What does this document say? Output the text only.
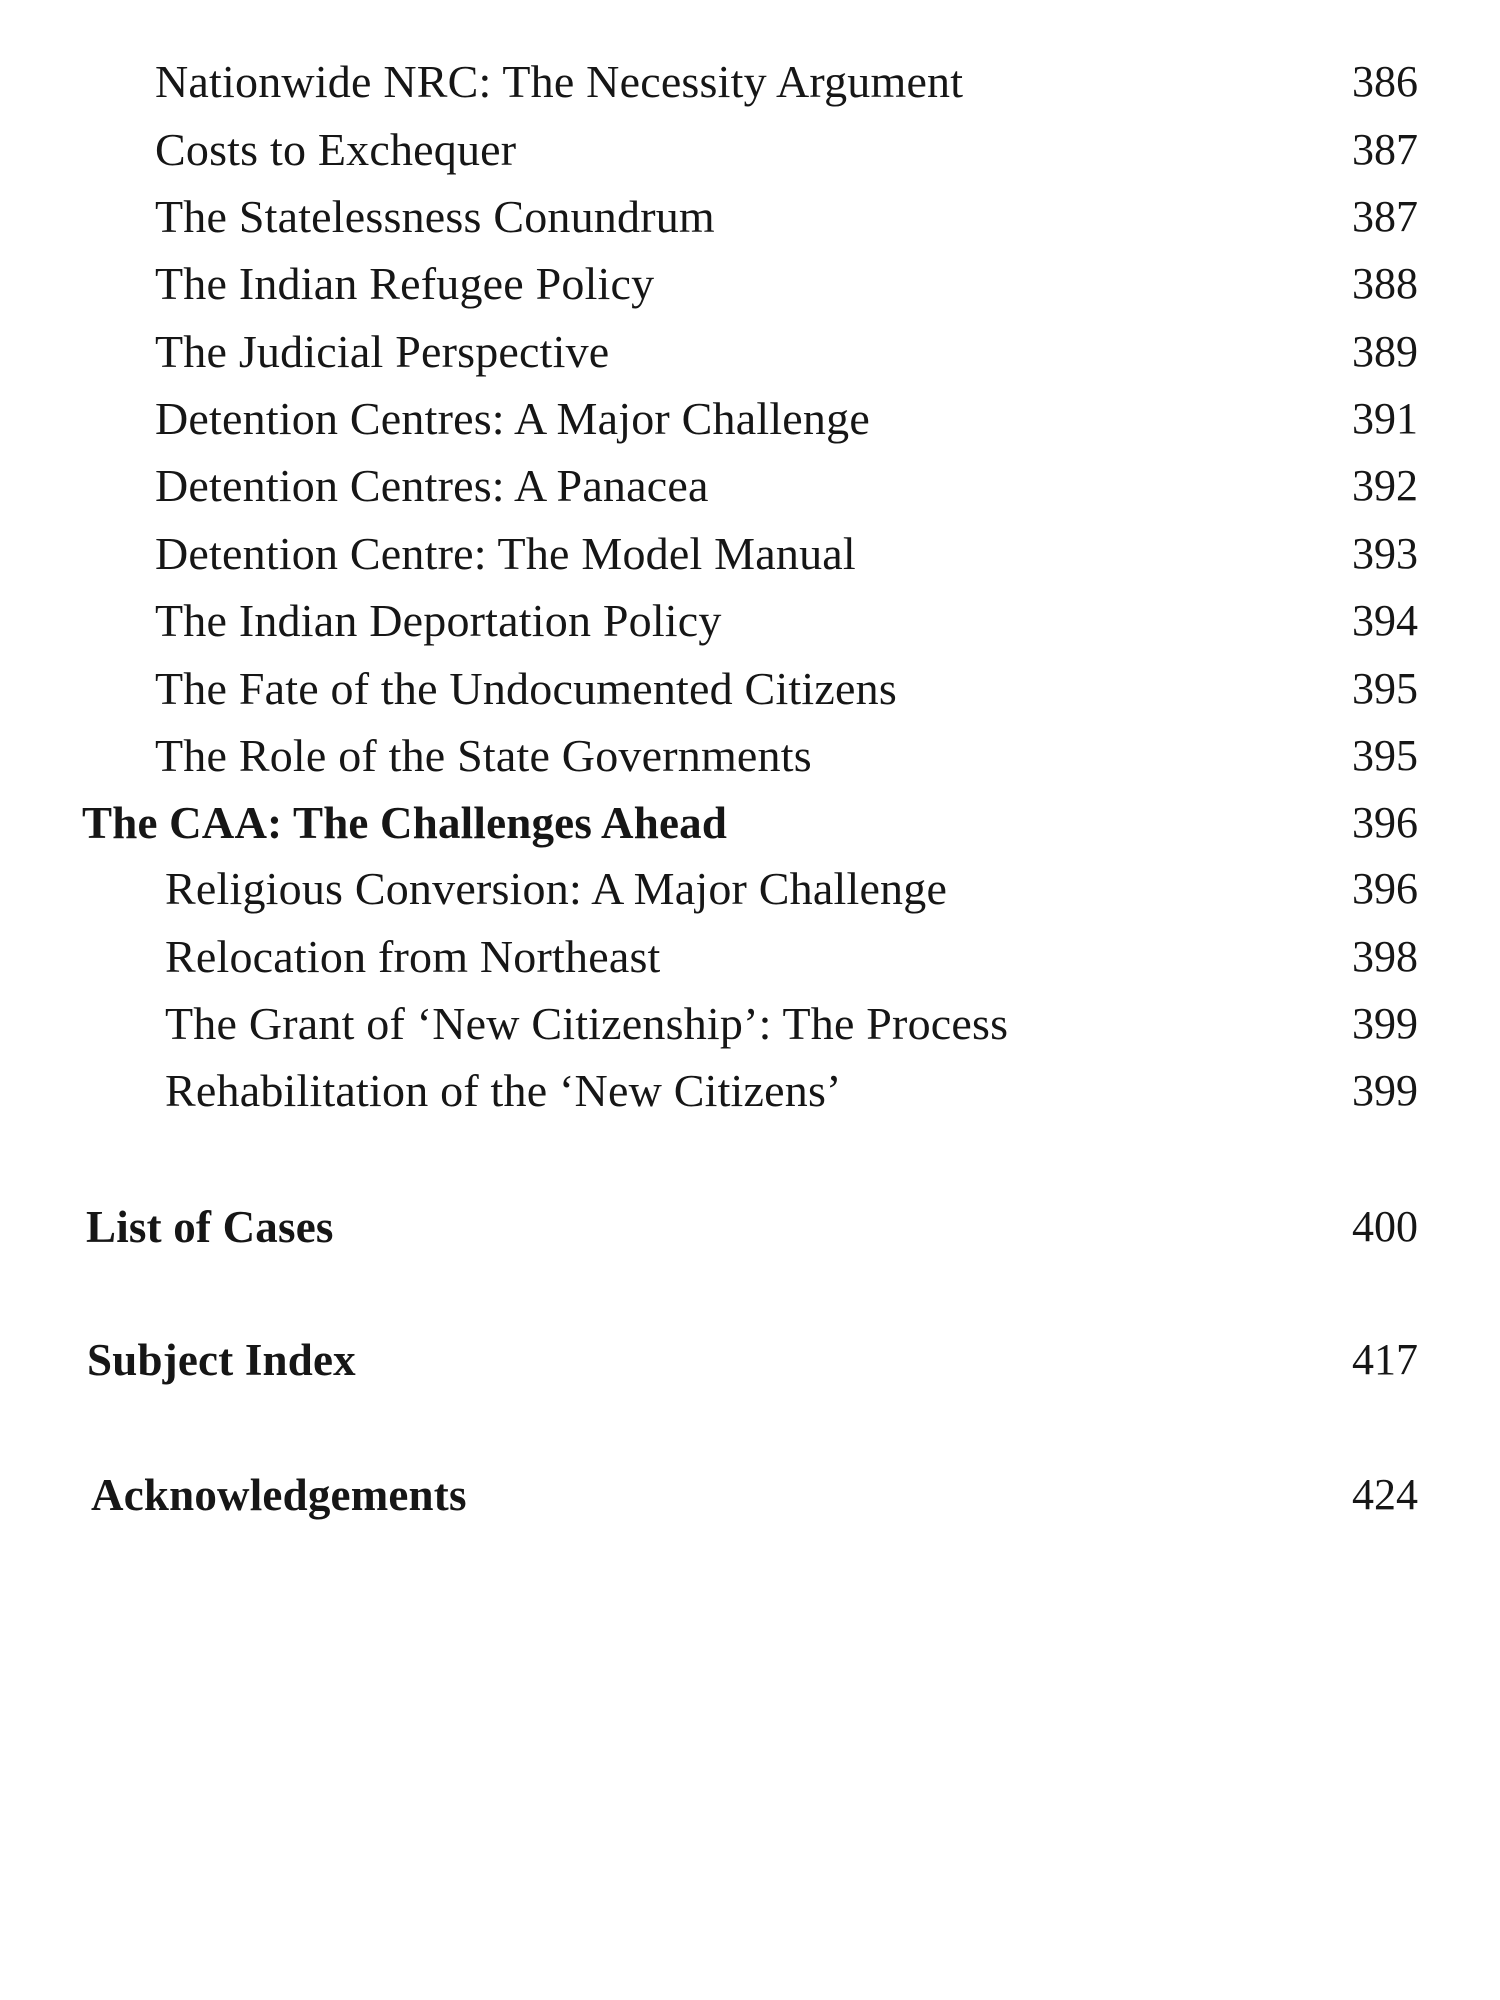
Nationwide NRC: The Necessity Argument	386
Costs to Exchequer	387
The Statelessness Conundrum	387
The Indian Refugee Policy	388
The Judicial Perspective	389
Detention Centres: A Major Challenge	391
Detention Centres: A Panacea	392
Detention Centre: The Model Manual	393
The Indian Deportation Policy	394
The Fate of the Undocumented Citizens	395
The Role of the State Governments	395
The CAA: The Challenges Ahead	396
Religious Conversion: A Major Challenge	396
Relocation from Northeast	398
The Grant of ‘New Citizenship’: The Process	399
Rehabilitation of the ‘New Citizens’	399
List of Cases	400
Subject Index	417
Acknowledgements	424
